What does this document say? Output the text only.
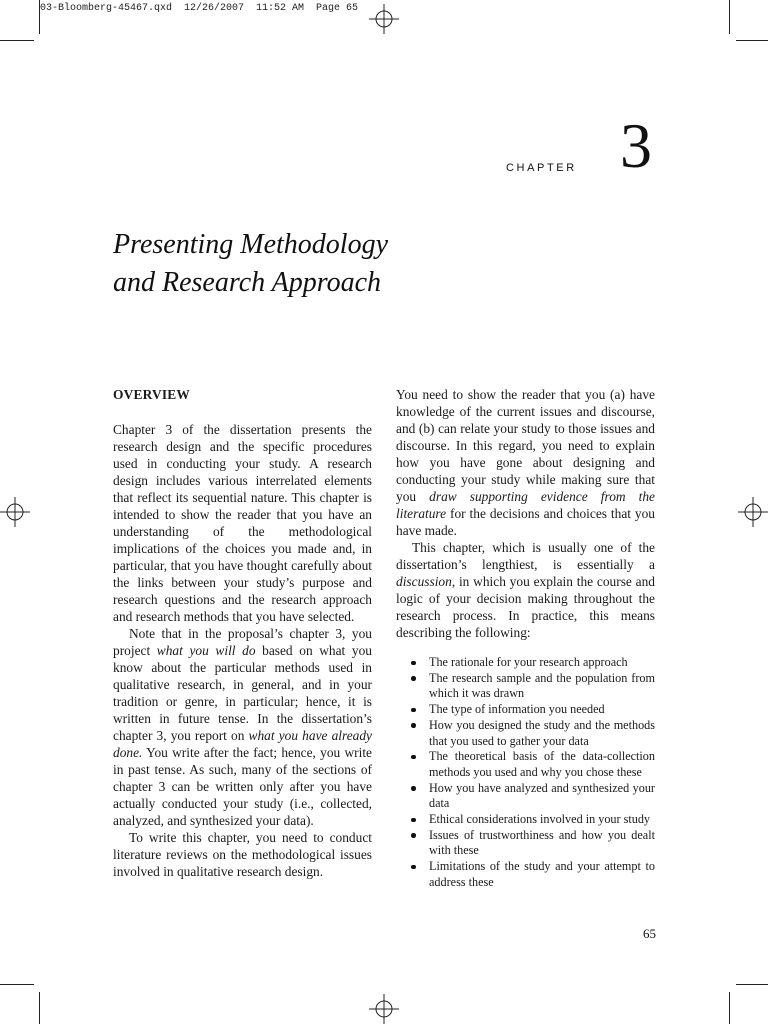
03-Bloomberg-45467.qxd  12/26/2007  11:52 AM  Page 65
CHAPTER 3
Presenting Methodology
and Research Approach
OVERVIEW

Chapter 3 of the dissertation presents the research design and the specific procedures used in conducting your study. A research design includes various interrelated elements that reflect its sequential nature. This chapter is intended to show the reader that you have an understanding of the methodological implications of the choices you made and, in particular, that you have thought carefully about the links between your study’s purpose and research questions and the research approach and research methods that you have selected.

Note that in the proposal’s chapter 3, you project what you will do based on what you know about the particular methods used in qualitative research, in general, and in your tradition or genre, in particular; hence, it is written in future tense. In the dissertation’s chapter 3, you report on what you have already done. You write after the fact; hence, you write in past tense. As such, many of the sections of chapter 3 can be written only after you have actually conducted your study (i.e., collected, analyzed, and synthesized your data).

To write this chapter, you need to conduct literature reviews on the methodological issues involved in qualitative research design.

You need to show the reader that you (a) have knowledge of the current issues and discourse, and (b) can relate your study to those issues and discourse. In this regard, you need to explain how you have gone about designing and conducting your study while making sure that you draw supporting evidence from the literature for the decisions and choices that you have made.

This chapter, which is usually one of the dissertation’s lengthiest, is essentially a discussion, in which you explain the course and logic of your decision making throughout the research process. In practice, this means describing the following:

The rationale for your research approach
The research sample and the population from which it was drawn
The type of information you needed
How you designed the study and the methods that you used to gather your data
The theoretical basis of the data-collection methods you used and why you chose these
How you have analyzed and synthesized your data
Ethical considerations involved in your study
Issues of trustworthiness and how you dealt with these
Limitations of the study and your attempt to address these
65
